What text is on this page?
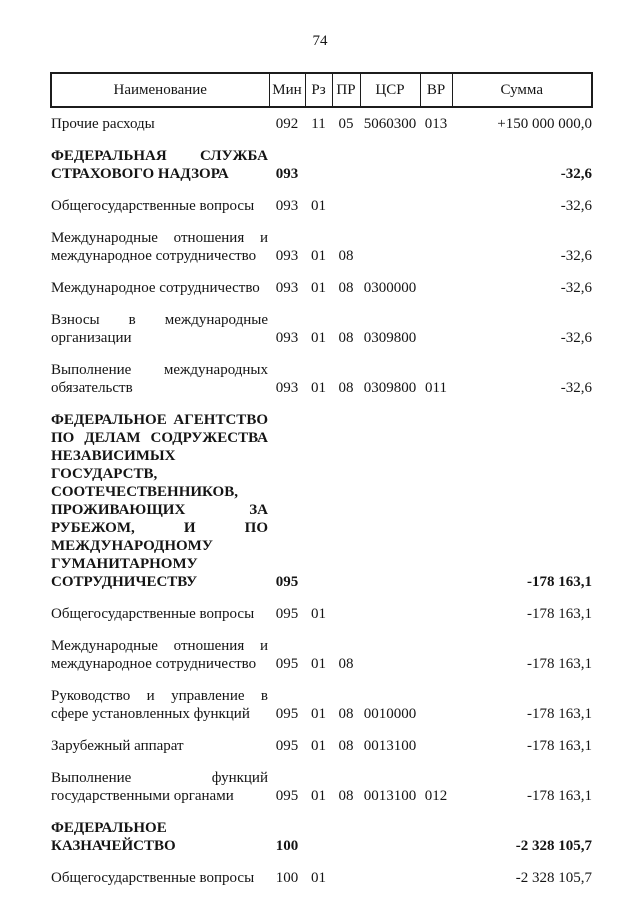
74
Наименование	Мин	Рз	ПР	ЦСР	ВР	Сумма
Прочие расходы	092	11	05	5060300	013	+150 000 000,0
ФЕДЕРАЛЬНАЯ СЛУЖБА СТРАХОВОГО НАДЗОРА	093					-32,6
Общегосударственные вопросы	093	01				-32,6
Международные отношения и международное сотрудничество	093	01	08			-32,6
Международное сотрудничество	093	01	08	0300000		-32,6
Взносы в международные организации	093	01	08	0309800		-32,6
Выполнение международных обязательств	093	01	08	0309800	011	-32,6
ФЕДЕРАЛЬНОЕ АГЕНТСТВО ПО ДЕЛАМ СОДРУЖЕСТВА НЕЗАВИСИМЫХ ГОСУДАРСТВ, СООТЕЧЕСТВЕННИКОВ, ПРОЖИВАЮЩИХ ЗА РУБЕЖОМ, И ПО МЕЖДУНАРОДНОМУ ГУМАНИТАРНОМУ СОТРУДНИЧЕСТВУ	095					-178 163,1
Общегосударственные вопросы	095	01				-178 163,1
Международные отношения и международное сотрудничество	095	01	08			-178 163,1
Руководство и управление в сфере установленных функций	095	01	08	0010000		-178 163,1
Зарубежный аппарат	095	01	08	0013100		-178 163,1
Выполнение функций государственными органами	095	01	08	0013100	012	-178 163,1
ФЕДЕРАЛЬНОЕ КАЗНАЧЕЙСТВО	100					-2 328 105,7
Общегосударственные вопросы	100	01				-2 328 105,7
